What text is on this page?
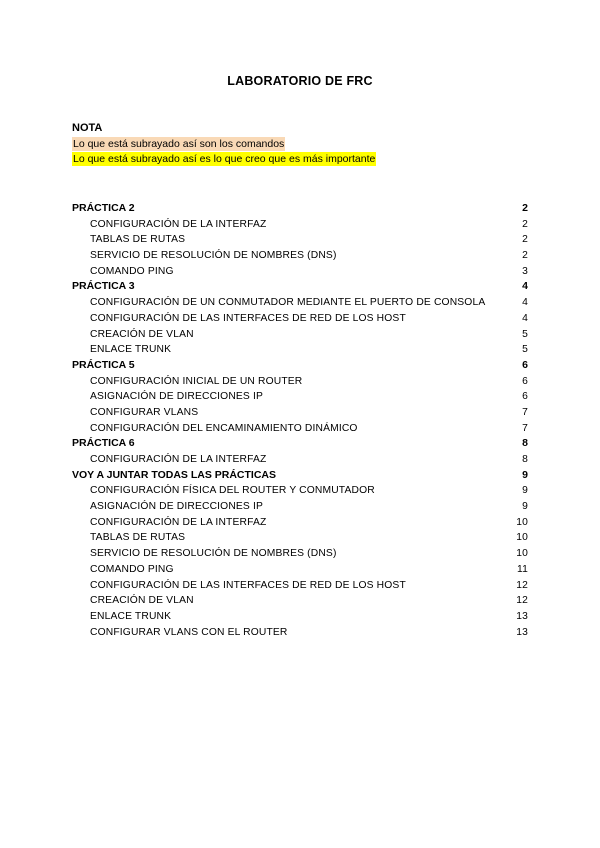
LABORATORIO DE FRC
NOTA
Lo que está subrayado así son los comandos
Lo que está subrayado así es lo que creo que es más importante
PRÁCTICA 2	2
CONFIGURACIÓN DE LA INTERFAZ	2
TABLAS DE RUTAS	2
SERVICIO DE RESOLUCIÓN DE NOMBRES (DNS)	2
COMANDO PING	3
PRÁCTICA 3	4
CONFIGURACIÓN DE UN CONMUTADOR MEDIANTE EL PUERTO DE CONSOLA	4
CONFIGURACIÓN DE LAS INTERFACES DE RED DE LOS HOST	4
CREACIÓN DE VLAN	5
ENLACE TRUNK	5
PRÁCTICA 5	6
CONFIGURACIÓN INICIAL DE UN ROUTER	6
ASIGNACIÓN DE DIRECCIONES IP	6
CONFIGURAR VLANS	7
CONFIGURACIÓN DEL ENCAMINAMIENTO DINÁMICO	7
PRÁCTICA 6	8
CONFIGURACIÓN DE LA INTERFAZ	8
VOY A JUNTAR TODAS LAS PRÁCTICAS	9
CONFIGURACIÓN FÍSICA DEL ROUTER Y CONMUTADOR	9
ASIGNACIÓN DE DIRECCIONES IP	9
CONFIGURACIÓN DE LA INTERFAZ	10
TABLAS DE RUTAS	10
SERVICIO DE RESOLUCIÓN DE NOMBRES (DNS)	10
COMANDO PING	11
CONFIGURACIÓN DE LAS INTERFACES DE RED DE LOS HOST	12
CREACIÓN DE VLAN	12
ENLACE TRUNK	13
CONFIGURAR VLANS CON EL ROUTER	13
